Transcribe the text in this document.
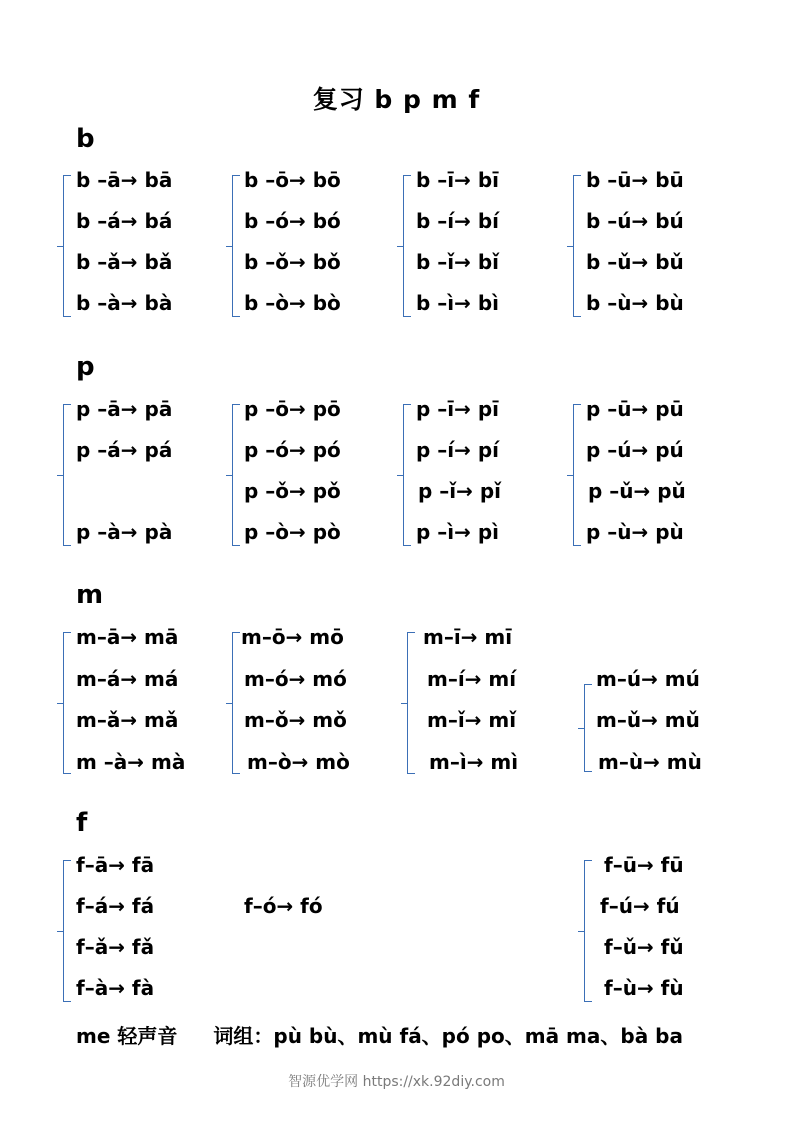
复习 b p m f
b
b –ā→ bā
b –á→ bá
b –ǎ→ bǎ
b –à→ bà
b –ō→ bō
b –ó→ bó
b –ǒ→ bǒ
b –ò→ bò
b –ī→ bī
b –í→ bí
b –ǐ→ bǐ
b –ì→ bì
b –ū→ bū
b –ú→ bú
b –ǔ→ bǔ
b –ù→ bù
p
p –ā→ pā
p –á→ pá
p –à→ pà
p –ō→ pō
p –ó→ pó
p –ǒ→ pǒ
p –ò→ pò
p –ī→ pī
p –í→ pí
p –ǐ→ pǐ
p –ì→ pì
p –ū→ pū
p –ú→ pú
p –ǔ→ pǔ
p –ù→ pù
m
m–ā→ mā
m–á→ má
m–ǎ→ mǎ
m –à→ mà
m–ō→ mō
m–ó→ mó
m–ǒ→ mǒ
m–ò→ mò
m–ī→ mī
m–í→ mí
m–ǐ→ mǐ
m–ì→ mì
m–ú→ mú
m–ǔ→ mǔ
m–ù→ mù
f
f–ā→ fā
f–á→ fá
f–ǎ→ fǎ
f–à→ fà
f–ó→ fó
f–ū→ fū
f–ú→ fú
f–ǔ→ fǔ
f–ù→ fù
me 轻声音 词组：pù bù、mù fá、pó po、mā ma、bà ba
智源优学网 https://xk.92diy.com
